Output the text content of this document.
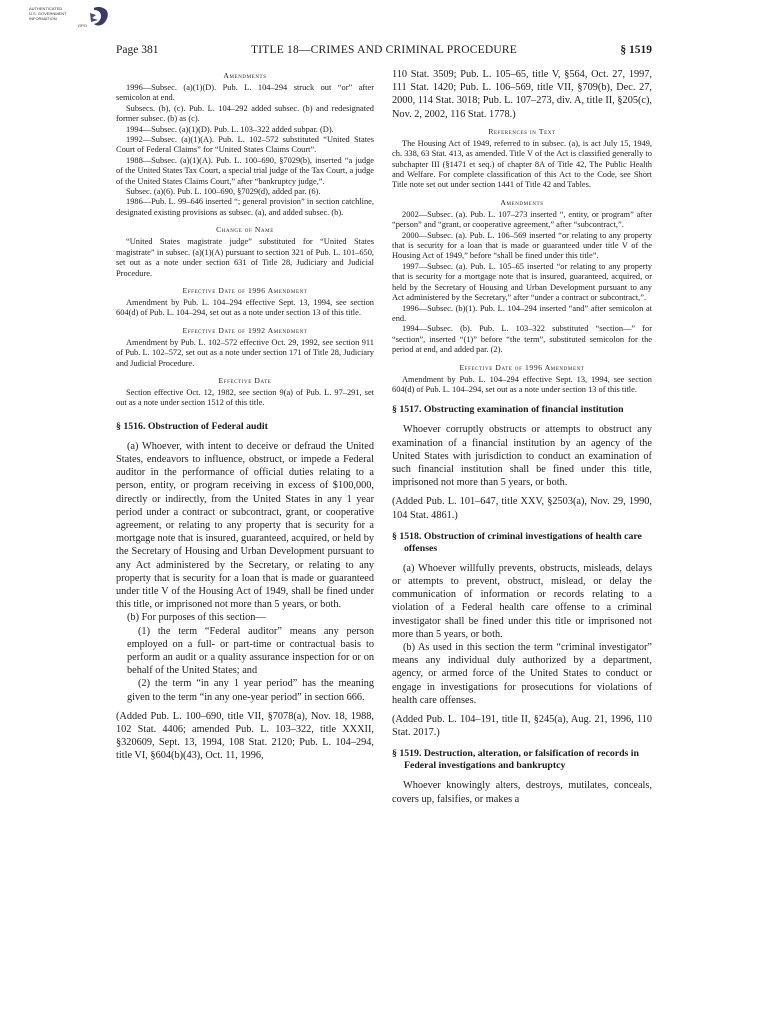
AUTHENTICATED
U.S. GOVERNMENT
INFORMATION
GPO
TITLE 18—CRIMES AND CRIMINAL PROCEDURE
Page 381	§ 1519
Amendments

1996—Subsec. (a)(1)(D). Pub. L. 104–294 struck out “or” after semicolon at end.

Subsecs. (b), (c). Pub. L. 104–292 added subsec. (b) and redesignated former subsec. (b) as (c).

1994—Subsec. (a)(1)(D). Pub. L. 103–322 added subpar. (D).

1992—Subsec. (a)(1)(A). Pub. L. 102–572 substituted “United States Court of Federal Claims” for “United States Claims Court”.

1988—Subsec. (a)(1)(A). Pub. L. 100–690, §7029(b), inserted “a judge of the United States Tax Court, a special trial judge of the Tax Court, a judge of the United States Claims Court,” after “bankruptcy judge,”.

Subsec. (a)(6). Pub. L. 100–690, §7029(d), added par. (6).

1986—Pub. L. 99–646 inserted “; general provision” in section catchline, designated existing provisions as subsec. (a), and added subsec. (b).

Change of Name

“United States magistrate judge” substituted for “United States magistrate” in subsec. (a)(1)(A) pursuant to section 321 of Pub. L. 101–650, set out as a note under section 631 of Title 28, Judiciary and Judicial Procedure.

Effective Date of 1996 Amendment

Amendment by Pub. L. 104–294 effective Sept. 13, 1994, see section 604(d) of Pub. L. 104–294, set out as a note under section 13 of this title.

Effective Date of 1992 Amendment

Amendment by Pub. L. 102–572 effective Oct. 29, 1992, see section 911 of Pub. L. 102–572, set out as a note under section 171 of Title 28, Judiciary and Judicial Procedure.

Effective Date

Section effective Oct. 12, 1982, see section 9(a) of Pub. L. 97–291, set out as a note under section 1512 of this title.

§ 1516. Obstruction of Federal audit

(a) Whoever, with intent to deceive or defraud the United States, endeavors to influence, obstruct, or impede a Federal auditor in the performance of official duties relating to a person, entity, or program receiving in excess of $100,000, directly or indirectly, from the United States in any 1 year period under a contract or subcontract, grant, or cooperative agreement, or relating to any property that is security for a mortgage note that is insured, guaranteed, acquired, or held by the Secretary of Housing and Urban Development pursuant to any Act administered by the Secretary, or relating to any property that is security for a loan that is made or guaranteed under title V of the Housing Act of 1949, shall be fined under this title, or imprisoned not more than 5 years, or both.

(b) For purposes of this section—

(1) the term “Federal auditor” means any person employed on a full- or part-time or contractual basis to perform an audit or a quality assurance inspection for or on behalf of the United States; and

(2) the term “in any 1 year period” has the meaning given to the term “in any one-year period” in section 666.

(Added Pub. L. 100–690, title VII, §7078(a), Nov. 18, 1988, 102 Stat. 4406; amended Pub. L. 103–322, title XXXII, §320609, Sept. 13, 1994, 108 Stat. 2120; Pub. L. 104–294, title VI, §604(b)(43), Oct. 11, 1996,

110 Stat. 3509; Pub. L. 105–65, title V, §564, Oct. 27, 1997, 111 Stat. 1420; Pub. L. 106–569, title VII, §709(b), Dec. 27, 2000, 114 Stat. 3018; Pub. L. 107–273, div. A, title II, §205(c), Nov. 2, 2002, 116 Stat. 1778.)

References in Text

The Housing Act of 1949, referred to in subsec. (a), is act July 15, 1949, ch. 338, 63 Stat. 413, as amended. Title V of the Act is classified generally to subchapter III (§1471 et seq.) of chapter 8A of Title 42, The Public Health and Welfare. For complete classification of this Act to the Code, see Short Title note set out under section 1441 of Title 42 and Tables.

Amendments

2002—Subsec. (a). Pub. L. 107–273 inserted “, entity, or program” after “person” and “grant, or cooperative agreement,” after “subcontract,”.

2000—Subsec. (a). Pub. L. 106–569 inserted “or relating to any property that is security for a loan that is made or guaranteed under title V of the Housing Act of 1949,” before “shall be fined under this title”.

1997—Subsec. (a). Pub. L. 105–65 inserted “or relating to any property that is security for a mortgage note that is insured, guaranteed, acquired, or held by the Secretary of Housing and Urban Development pursuant to any Act administered by the Secretary,” after “under a contract or subcontract,”.

1996—Subsec. (b)(1). Pub. L. 104–294 inserted “and” after semicolon at end.

1994—Subsec. (b). Pub. L. 103–322 substituted “section—” for “section”, inserted “(1)” before “the term”, substituted semicolon for the period at end, and added par. (2).

Effective Date of 1996 Amendment

Amendment by Pub. L. 104–294 effective Sept. 13, 1994, see section 604(d) of Pub. L. 104–294, set out as a note under section 13 of this title.

§ 1517. Obstructing examination of financial institution

Whoever corruptly obstructs or attempts to obstruct any examination of a financial institution by an agency of the United States with jurisdiction to conduct an examination of such financial institution shall be fined under this title, imprisoned not more than 5 years, or both.

(Added Pub. L. 101–647, title XXV, §2503(a), Nov. 29, 1990, 104 Stat. 4861.)

§ 1518. Obstruction of criminal investigations of health care offenses

(a) Whoever willfully prevents, obstructs, misleads, delays or attempts to prevent, obstruct, mislead, or delay the communication of information or records relating to a violation of a Federal health care offense to a criminal investigator shall be fined under this title or imprisoned not more than 5 years, or both.

(b) As used in this section the term “criminal investigator” means any individual duly authorized by a department, agency, or armed force of the United States to conduct or engage in investigations for prosecutions for violations of health care offenses.

(Added Pub. L. 104–191, title II, §245(a), Aug. 21, 1996, 110 Stat. 2017.)

§ 1519. Destruction, alteration, or falsification of records in Federal investigations and bankruptcy

Whoever knowingly alters, destroys, mutilates, conceals, covers up, falsifies, or makes a
